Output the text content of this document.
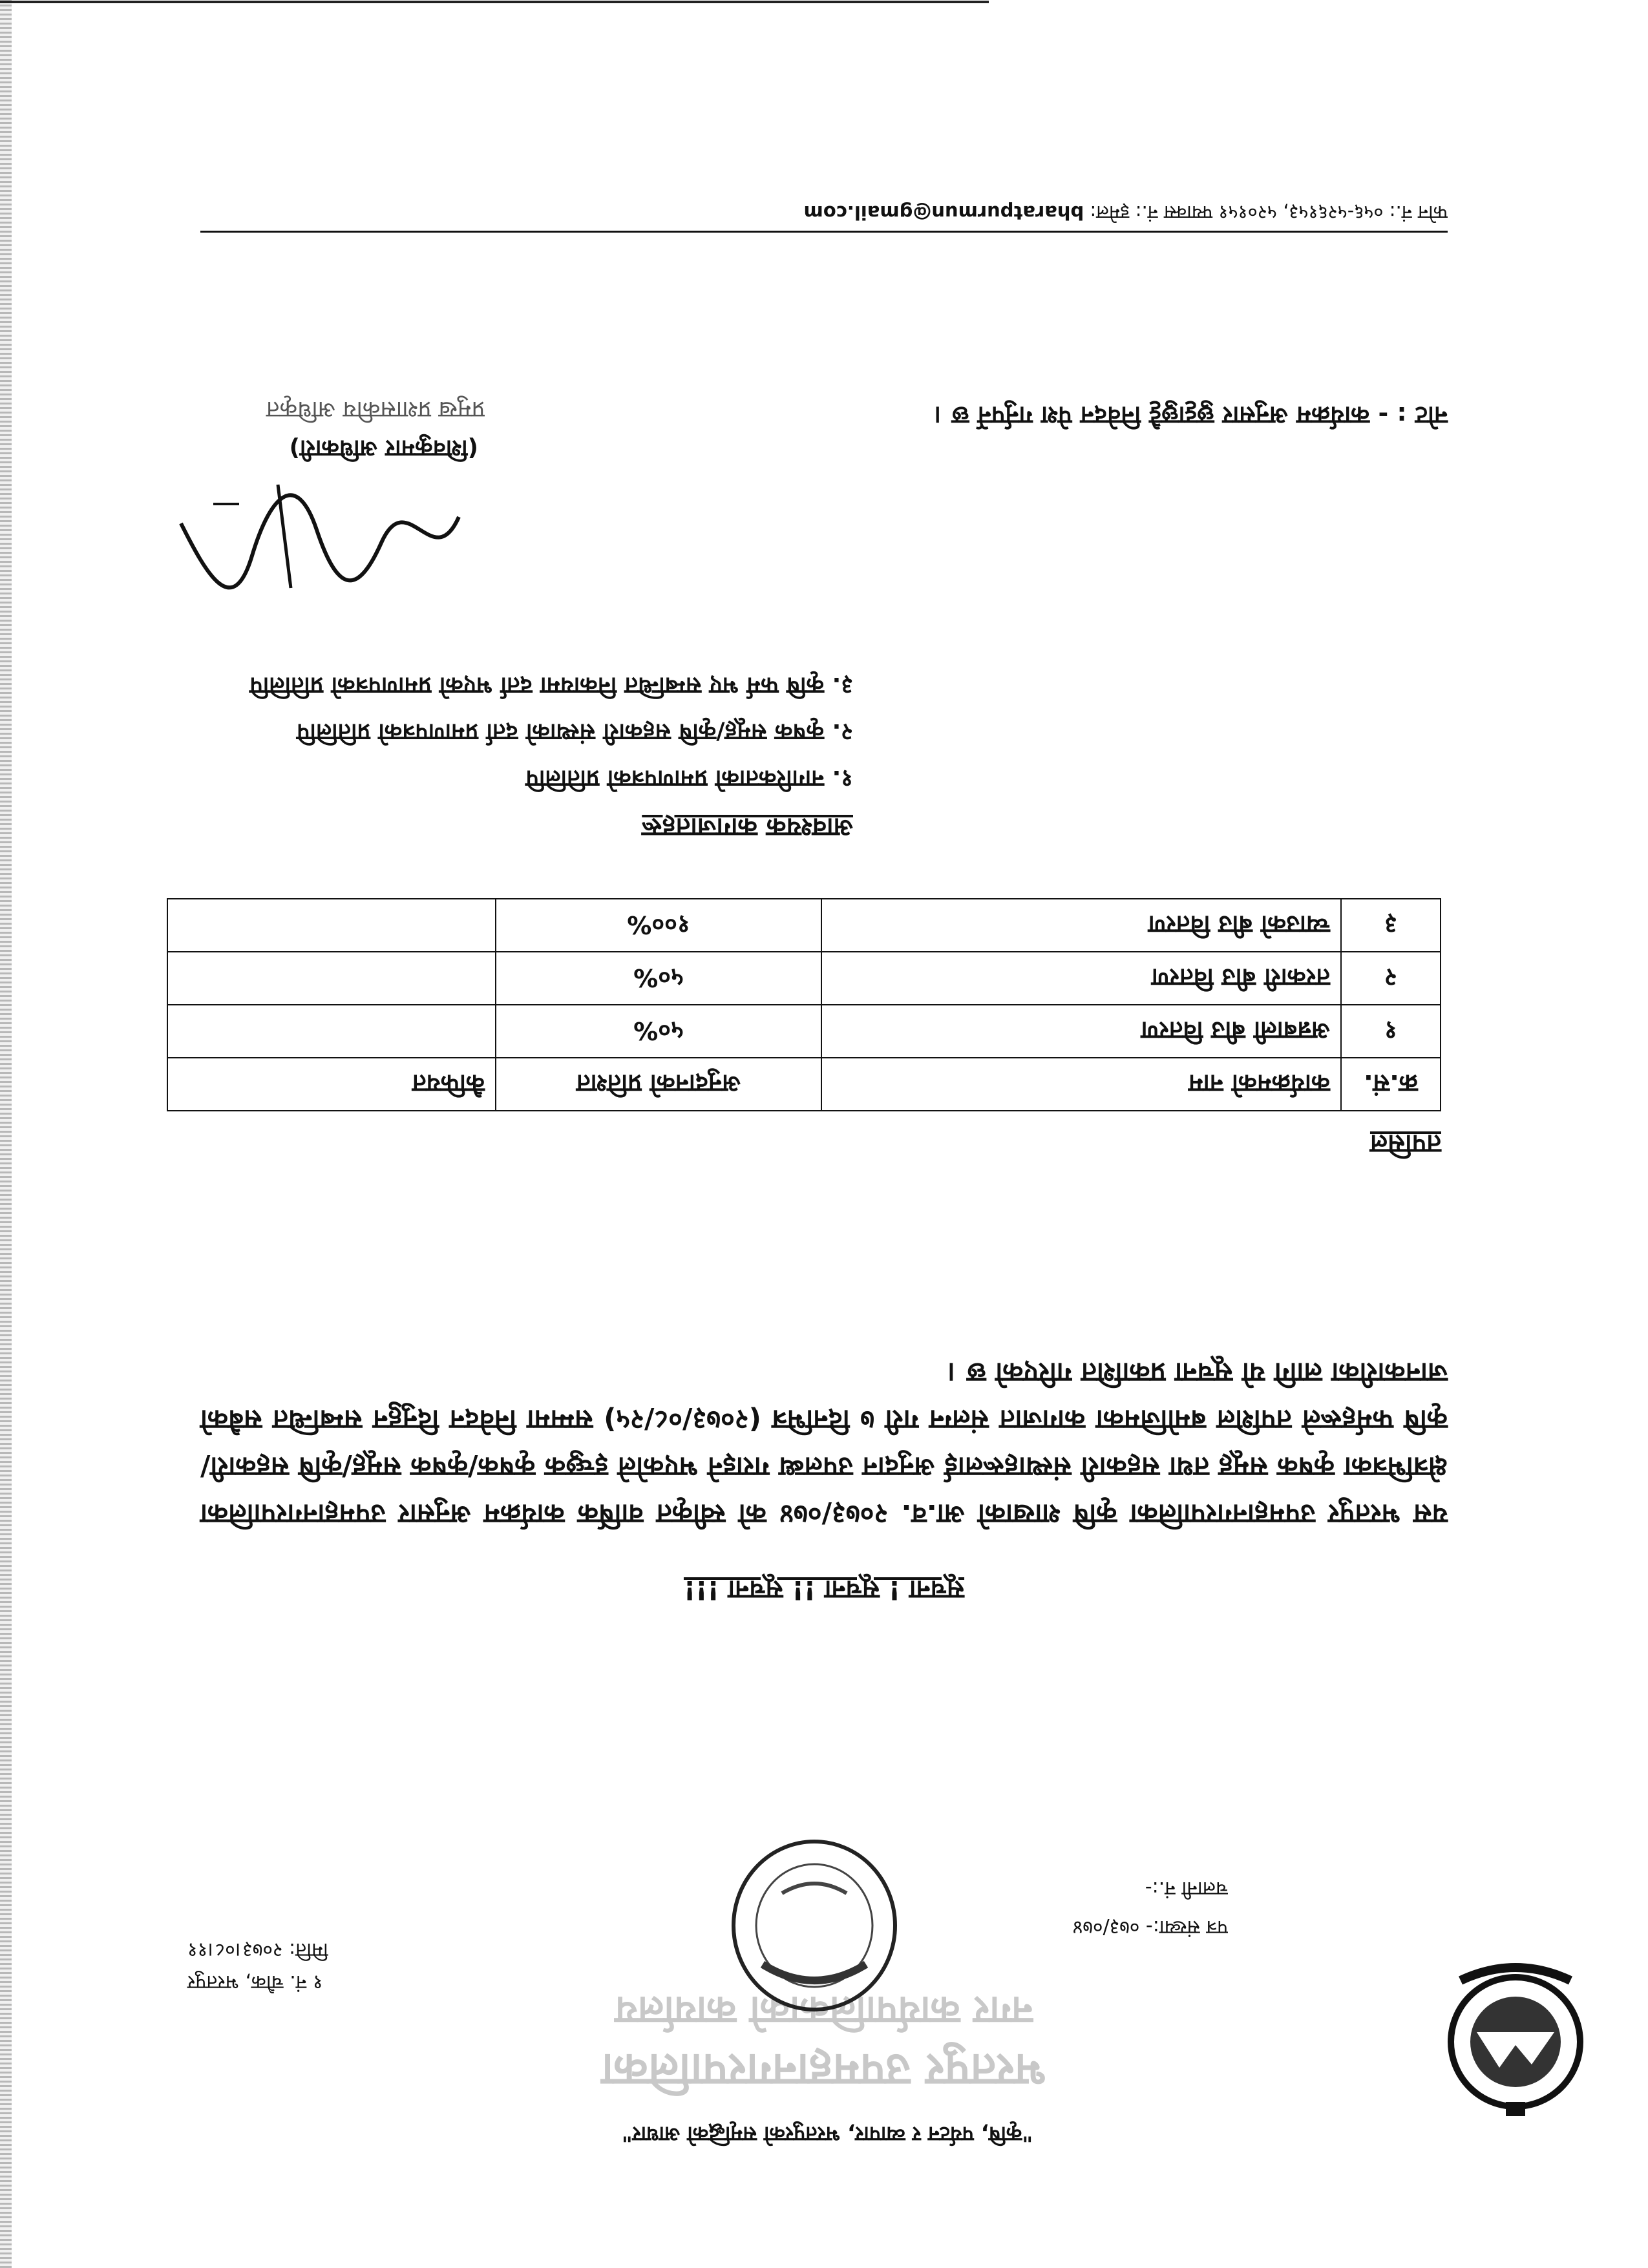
"कृषि, पर्यटन र व्यापार, भरतपुरको समृद्धिको आधार"
भरतपुर उपमहानगरपालिका
नगर कार्यपालिकाको कार्यालय
१ नं. चौक, भरतपुर
मिति: २०७३।०८।११
पत्र संख्या:- ०७३/०७४
चलानी नं.:-
सूचना ! सूचना !! सूचना !!!
यस भरतपुर उपमहानगरपालिका कृषि शाखाको आ.व. २०७३/०७४ को स्वीकृत वार्षिक कार्यक्रम अनुसार उपमहानगरपालिका क्षेत्रभित्रका कृषक समूह तथा सहकारी संस्थाहरूलाई अनुदान उपलब्ध गराइने भएकोले इच्छुक कृषक/कृषक समूह/कृषि सहकारी/कृषि फर्महरूले तपशिल बमोजिमका कागजात संलग्न गरी ७ दिनभित्र (२०७३/०८/२५) सम्ममा निवेदन दिनुहुन सम्बन्धित सबैको जानकारीका लागि यो सूचना प्रकाशित गरिएको छ ।
तपसिल
क्र.सं.	कार्यक्रमको नाम	अनुदानको प्रतिशत	कैफियत
१	अन्नबाली बीउ वितरण	५०%	
२	तरकारी बीउ वितरण	५०%	
३	च्याउको बीउ वितरण	१००%	
आवश्यक कागजातहरू
१. नागरिकताको प्रमाणपत्रको प्रतिलिपि
२. कृषक समूह/कृषि सहकारी संस्थाको दर्ता प्रमाणपत्रको प्रतिलिपि
३. कृषि फर्म भए सम्बन्धित निकायमा दर्ता भएको प्रमाणपत्रको प्रतिलिपि
(शिवकुमार अधिकारी)
प्रमुख प्रशासकीय अधिकृत	नोट : - कार्यक्रम अनुसार छुट्टाछुट्टै निवेदन पेश गर्नुपर्ने छ ।
फोन नं.: ०५६-५२६१५३, ५२०१५१ फ्याक्स नं.: इमेल: bharatpurmun@gmail.com
